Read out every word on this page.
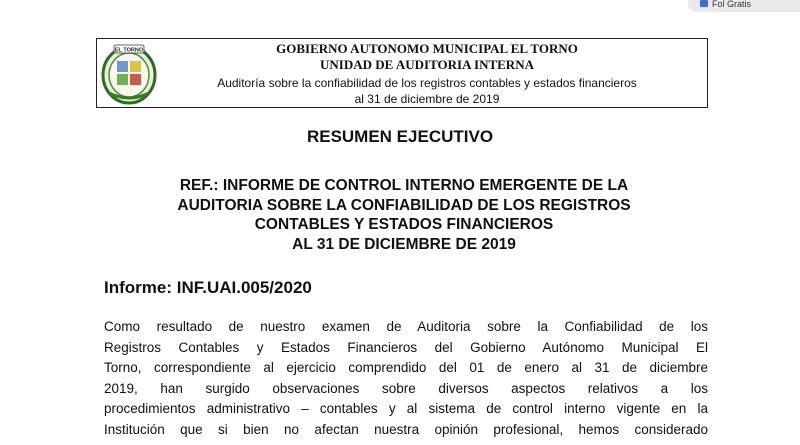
Fol Gratis
EL TORNO	GOBIERNO AUTONOMO MUNICIPAL EL TORNO
UNIDAD DE AUDITORIA INTERNA
Auditoría sobre la confiabilidad de los registros contables y estados financieros
al 31 de diciembre de 2019
RESUMEN EJECUTIVO
REF.: INFORME DE CONTROL INTERNO EMERGENTE DE LA
AUDITORIA SOBRE LA CONFIABILIDAD DE LOS REGISTROS
CONTABLES Y ESTADOS FINANCIEROS
AL 31 DE DICIEMBRE DE 2019
Informe: INF.UAI.005/2020
Como resultado de nuestro examen de Auditoria sobre la Confiabilidad de los
Registros Contables y Estados Financieros del Gobierno Autónomo Municipal El
Torno, correspondiente al ejercicio comprendido del 01 de enero al 31 de diciembre
2019, han surgido observaciones sobre diversos aspectos relativos a los
procedimientos administrativo – contables y al sistema de control interno vigente en la
Institución que si bien no afectan nuestra opinión profesional, hemos considerado
